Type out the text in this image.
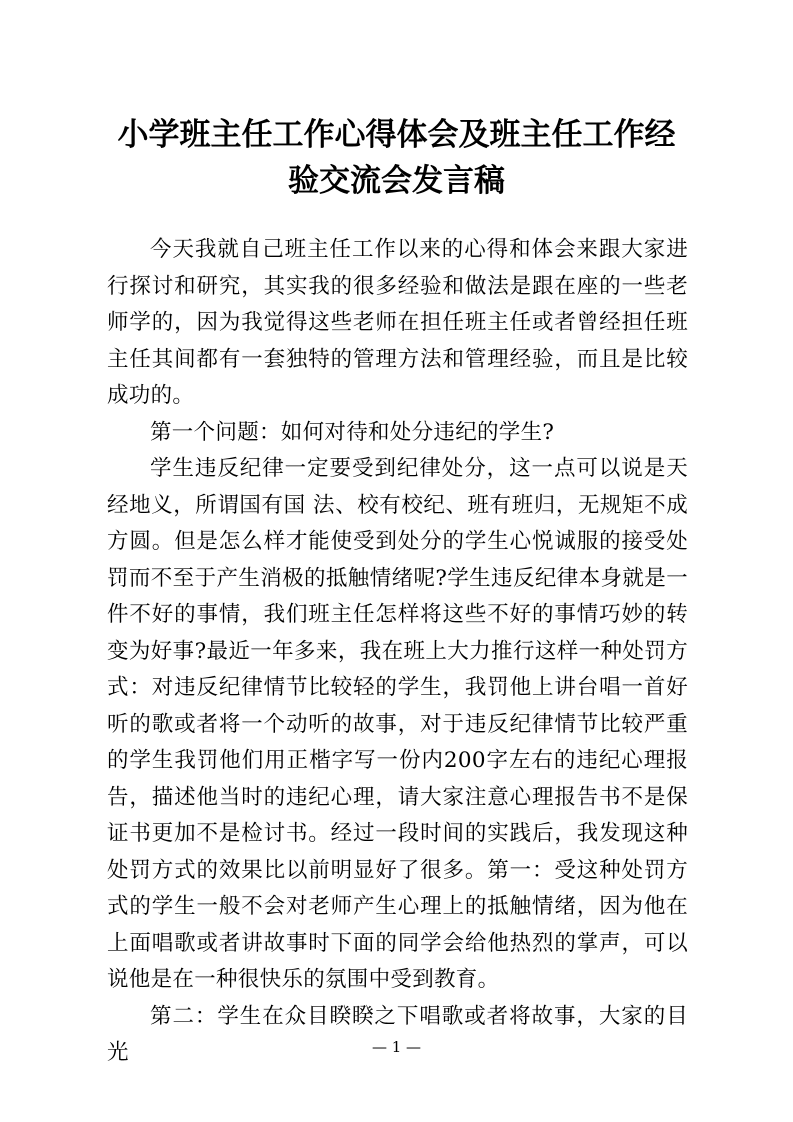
小学班主任工作心得体会及班主任工作经
验交流会发言稿

今天我就自己班主任工作以来的心得和体会来跟大家进行探讨和研究，其实我的很多经验和做法是跟在座的一些老师学的，因为我觉得这些老师在担任班主任或者曾经担任班主任其间都有一套独特的管理方法和管理经验，而且是比较成功的。

第一个问题：如何对待和处分违纪的学生?

学生违反纪律一定要受到纪律处分，这一点可以说是天经地义，所谓国有国 法、校有校纪、班有班归，无规矩不成方圆。但是怎么样才能使受到处分的学生心悦诚服的接受处罚而不至于产生消极的抵触情绪呢?学生违反纪律本身就是一件不好的事情，我们班主任怎样将这些不好的事情巧妙的转变为好事?最近一年多来，我在班上大力推行这样一种处罚方式：对违反纪律情节比较轻的学生，我罚他上讲台唱一首好听的歌或者将一个动听的故事，对于违反纪律情节比较严重的学生我罚他们用正楷字写一份内200字左右的违纪心理报告，描述他当时的违纪心理，请大家注意心理报告书不是保证书更加不是检讨书。经过一段时间的实践后，我发现这种处罚方式的效果比以前明显好了很多。第一：受这种处罚方式的学生一般不会对老师产生心理上的抵触情绪，因为他在上面唱歌或者讲故事时下面的同学会给他热烈的掌声，可以说他是在一种很快乐的氛围中受到教育。

第二：学生在众目睽睽之下唱歌或者将故事，大家的目光	— 1 —
